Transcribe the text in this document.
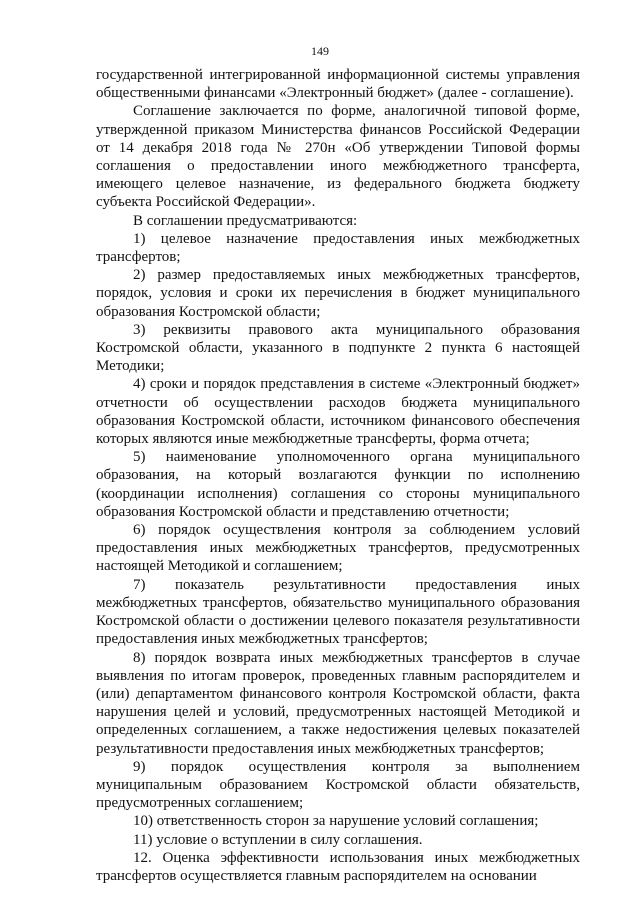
149

государственной интегрированной информационной системы управления общественными финансами «Электронный бюджет» (далее - соглашение).

Соглашение заключается по форме, аналогичной типовой форме, утвержденной приказом Министерства финансов Российской Федерации от 14 декабря 2018 года № 270н «Об утверждении Типовой формы соглашения о предоставлении иного межбюджетного трансферта, имеющего целевое назначение, из федерального бюджета бюджету субъекта Российской Федерации».

В соглашении предусматриваются:

1) целевое назначение предоставления иных межбюджетных трансфертов;

2) размер предоставляемых иных межбюджетных трансфертов, порядок, условия и сроки их перечисления в бюджет муниципального образования Костромской области;

3) реквизиты правового акта муниципального образования Костромской области, указанного в подпункте 2 пункта 6 настоящей Методики;

4) сроки и порядок представления в системе «Электронный бюджет» отчетности об осуществлении расходов бюджета муниципального образования Костромской области, источником финансового обеспечения которых являются иные межбюджетные трансферты, форма отчета;

5) наименование уполномоченного органа муниципального образования, на который возлагаются функции по исполнению (координации исполнения) соглашения со стороны муниципального образования Костромской области и представлению отчетности;

6) порядок осуществления контроля за соблюдением условий предоставления иных межбюджетных трансфертов, предусмотренных настоящей Методикой и соглашением;

7) показатель результативности предоставления иных межбюджетных трансфертов, обязательство муниципального образования Костромской области о достижении целевого показателя результативности предоставления иных межбюджетных трансфертов;

8) порядок возврата иных межбюджетных трансфертов в случае выявления по итогам проверок, проведенных главным распорядителем и (или) департаментом финансового контроля Костромской области, факта нарушения целей и условий, предусмотренных настоящей Методикой и определенных соглашением, а также недостижения целевых показателей результативности предоставления иных межбюджетных трансфертов;

9) порядок осуществления контроля за выполнением муниципальным образованием Костромской области обязательств, предусмотренных соглашением;

10) ответственность сторон за нарушение условий соглашения;

11) условие о вступлении в силу соглашения.

12. Оценка эффективности использования иных межбюджетных трансфертов осуществляется главным распорядителем на основании
